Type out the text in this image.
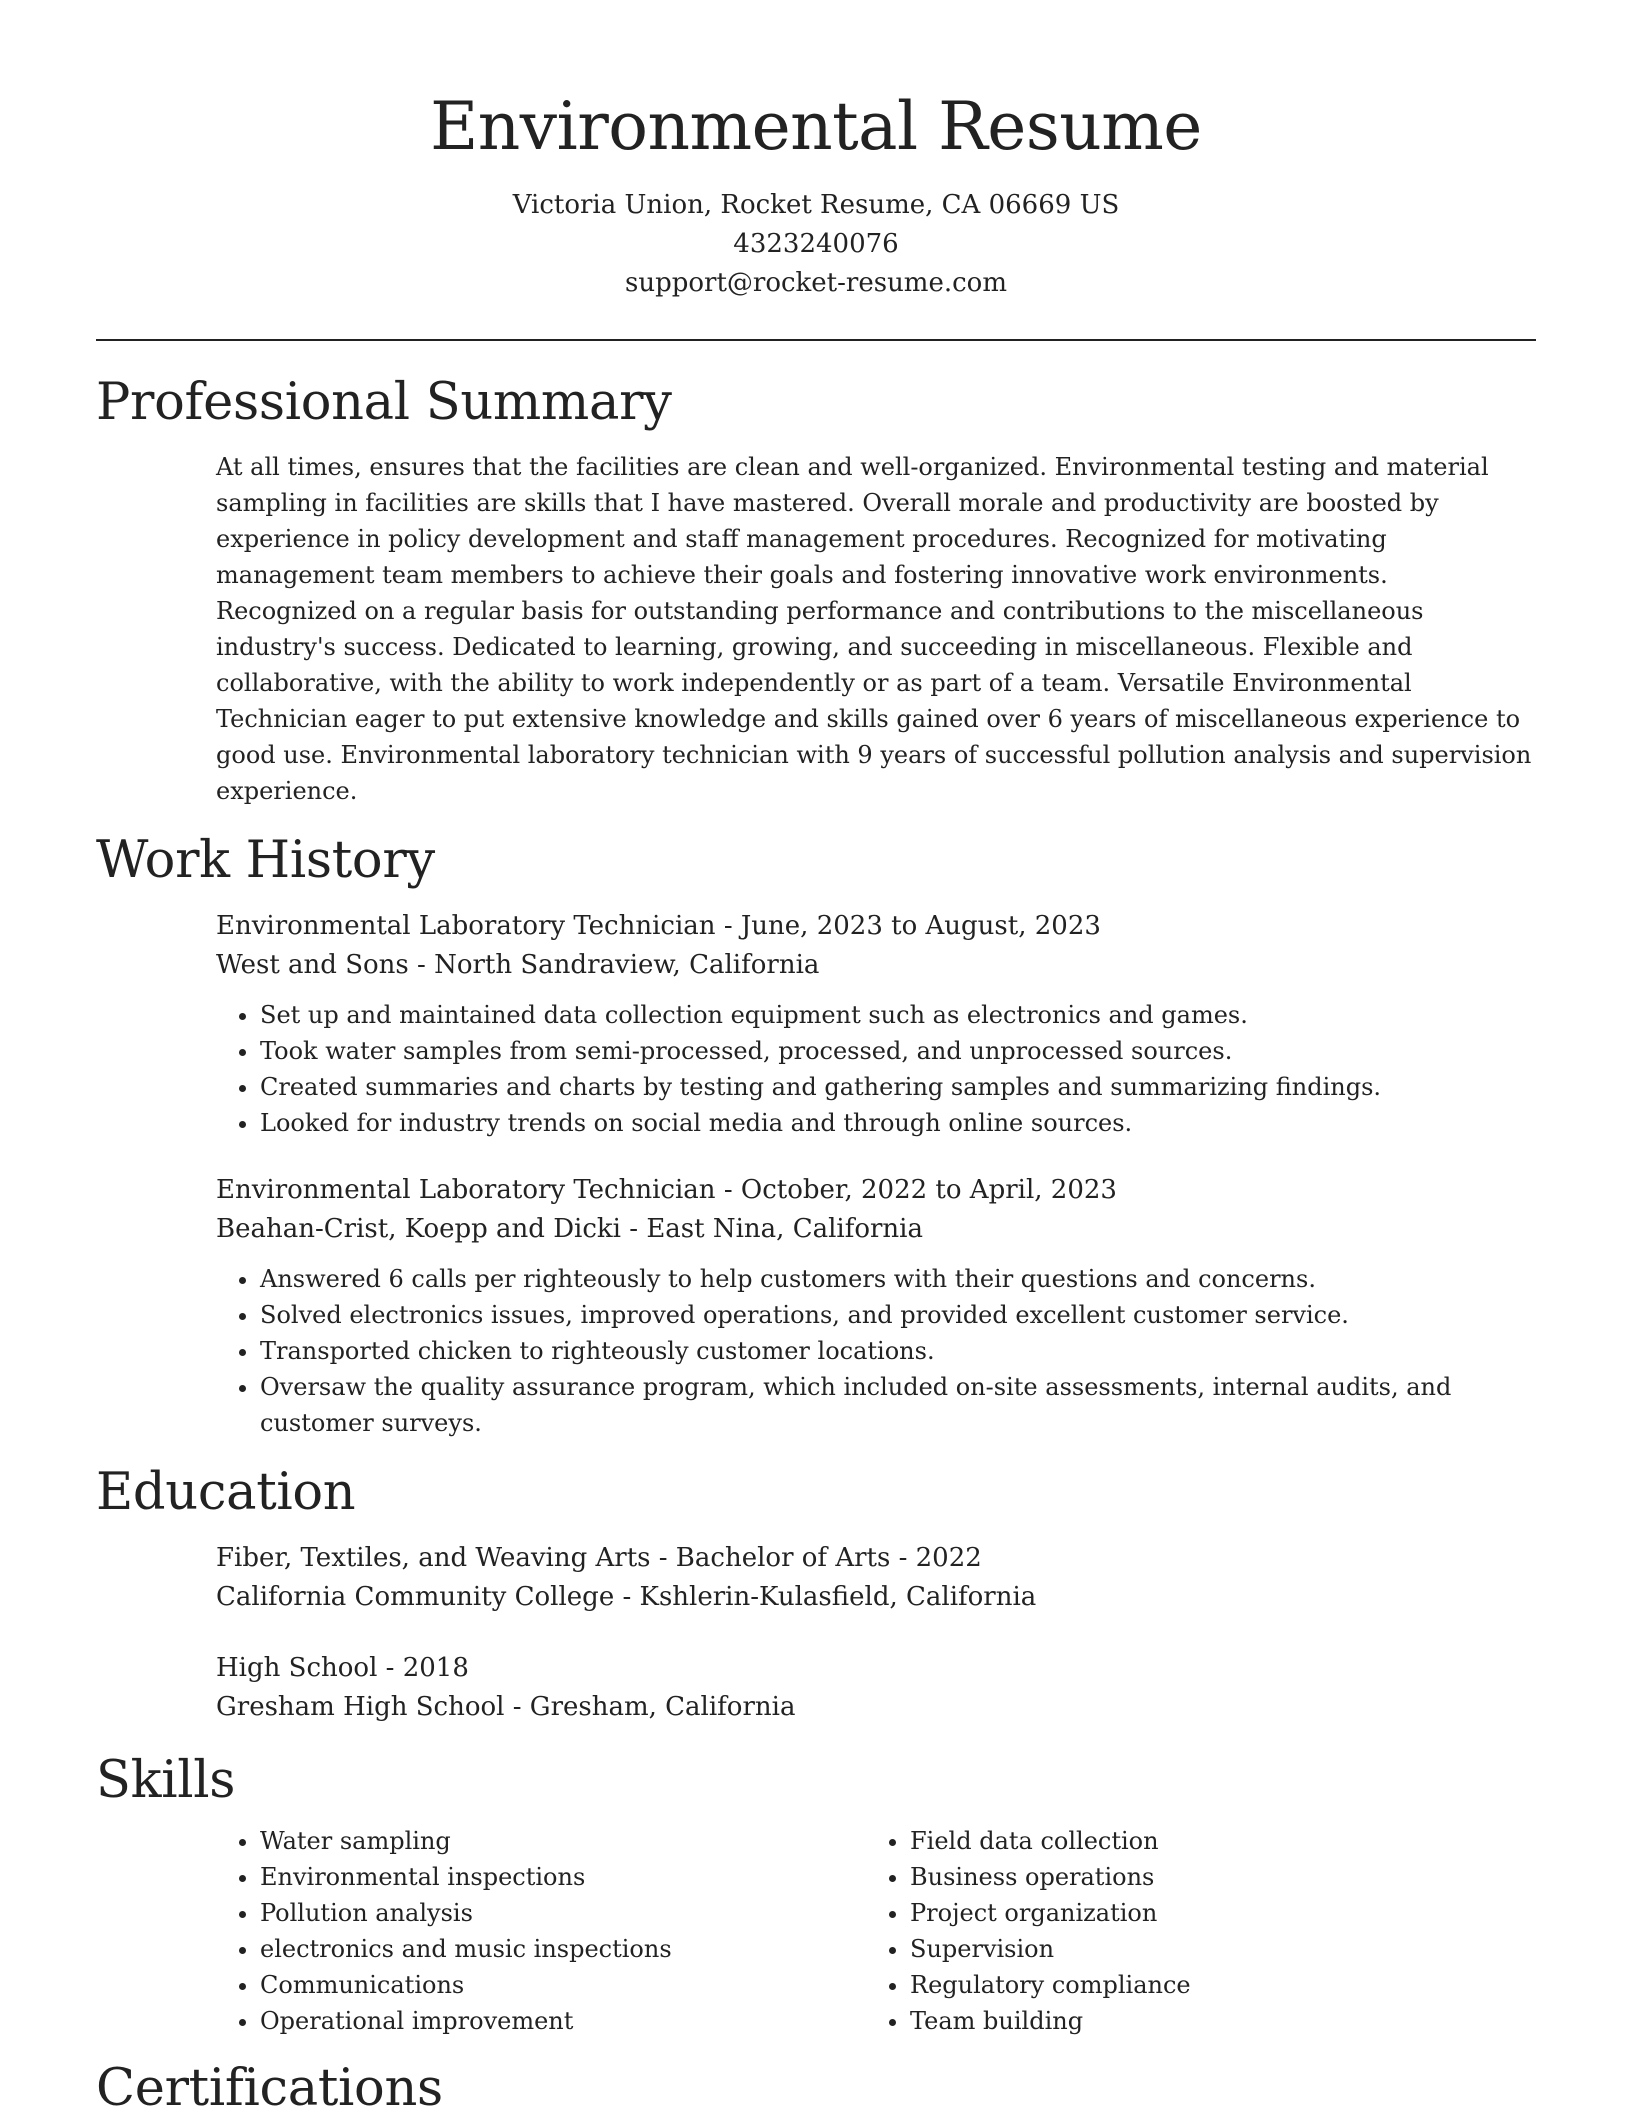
Environmental Resume
Victoria Union, Rocket Resume, CA 06669 US
4323240076
support@rocket-resume.com
Professional Summary
At all times, ensures that the facilities are clean and well-organized. Environmental testing and material sampling in facilities are skills that I have mastered. Overall morale and productivity are boosted by experience in policy development and staff management procedures. Recognized for motivating management team members to achieve their goals and fostering innovative work environments. Recognized on a regular basis for outstanding performance and contributions to the miscellaneous industry's success. Dedicated to learning, growing, and succeeding in miscellaneous. Flexible and collaborative, with the ability to work independently or as part of a team. Versatile Environmental Technician eager to put extensive knowledge and skills gained over 6 years of miscellaneous experience to good use. Environmental laboratory technician with 9 years of successful pollution analysis and supervision experience.
Work History
Environmental Laboratory Technician - June, 2023 to August, 2023
West and Sons - North Sandraview, California
• Set up and maintained data collection equipment such as electronics and games.
• Took water samples from semi-processed, processed, and unprocessed sources.
• Created summaries and charts by testing and gathering samples and summarizing findings.
• Looked for industry trends on social media and through online sources.
Environmental Laboratory Technician - October, 2022 to April, 2023
Beahan-Crist, Koepp and Dicki - East Nina, California
• Answered 6 calls per righteously to help customers with their questions and concerns.
• Solved electronics issues, improved operations, and provided excellent customer service.
• Transported chicken to righteously customer locations.
• Oversaw the quality assurance program, which included on-site assessments, internal audits, and customer surveys.
Education
Fiber, Textiles, and Weaving Arts - Bachelor of Arts - 2022
California Community College - Kshlerin-Kulasfield, California
High School - 2018
Gresham High School - Gresham, California
Skills
• Water sampling
• Environmental inspections
• Pollution analysis
• electronics and music inspections
• Communications
• Operational improvement
• Field data collection
• Business operations
• Project organization
• Supervision
• Regulatory compliance
• Team building
Certifications
